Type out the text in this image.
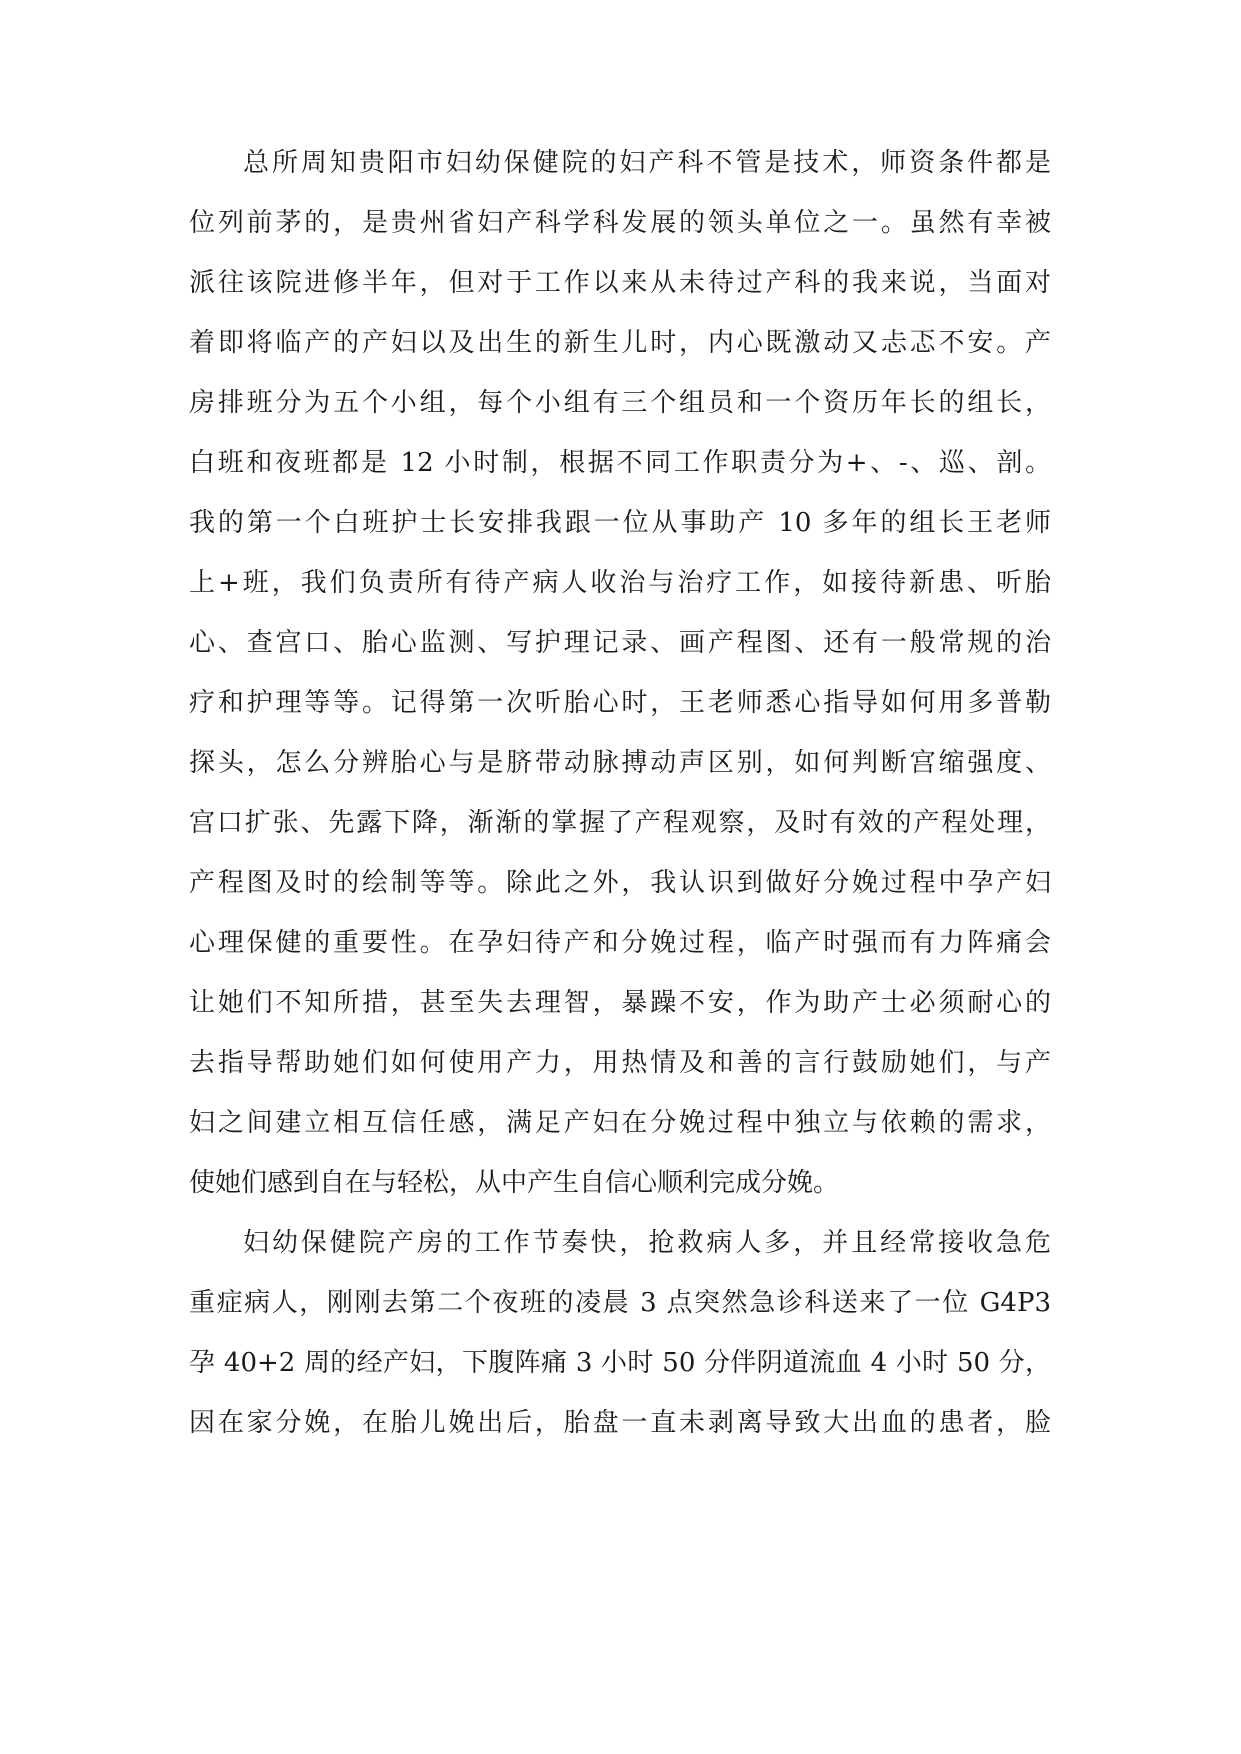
总所周知贵阳市妇幼保健院的妇产科不管是技术，师资条件都是
位列前茅的，是贵州省妇产科学科发展的领头单位之一。虽然有幸被
派往该院进修半年，但对于工作以来从未待过产科的我来说，当面对
着即将临产的产妇以及出生的新生儿时，内心既激动又忐忑不安。产
房排班分为五个小组，每个小组有三个组员和一个资历年长的组长，
白班和夜班都是 12 小时制，根据不同工作职责分为+、-、巡、剖。
我的第一个白班护士长安排我跟一位从事助产 10 多年的组长王老师
上+班，我们负责所有待产病人收治与治疗工作，如接待新患、听胎
心、查宫口、胎心监测、写护理记录、画产程图、还有一般常规的治
疗和护理等等。记得第一次听胎心时，王老师悉心指导如何用多普勒
探头，怎么分辨胎心与是脐带动脉搏动声区别，如何判断宫缩强度、
宫口扩张、先露下降，渐渐的掌握了产程观察，及时有效的产程处理，
产程图及时的绘制等等。除此之外，我认识到做好分娩过程中孕产妇
心理保健的重要性。在孕妇待产和分娩过程，临产时强而有力阵痛会
让她们不知所措，甚至失去理智，暴躁不安，作为助产士必须耐心的
去指导帮助她们如何使用产力，用热情及和善的言行鼓励她们，与产
妇之间建立相互信任感，满足产妇在分娩过程中独立与依赖的需求，
使她们感到自在与轻松，从中产生自信心顺利完成分娩。
妇幼保健院产房的工作节奏快，抢救病人多，并且经常接收急危
重症病人，刚刚去第二个夜班的凌晨 3 点突然急诊科送来了一位 G4P3
孕 40+2 周的经产妇，下腹阵痛 3 小时 50 分伴阴道流血 4 小时 50 分，
因在家分娩，在胎儿娩出后，胎盘一直未剥离导致大出血的患者，脸
